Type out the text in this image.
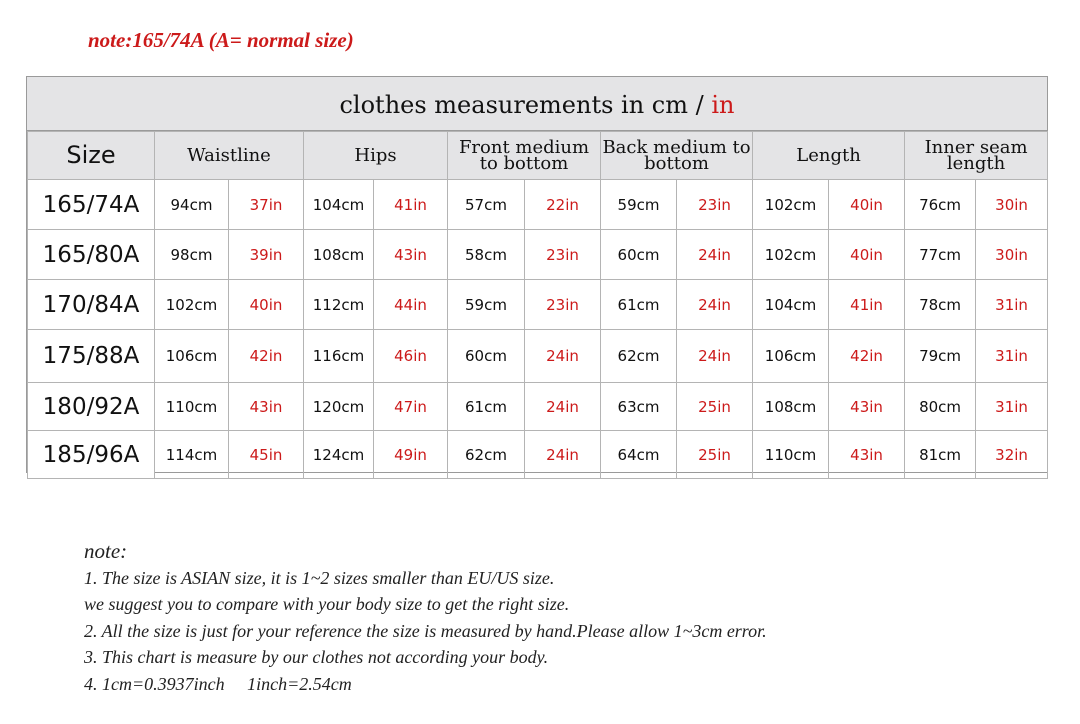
note:165/74A (A= normal size)
clothes measurements in cm / in
Size	Waistline		Hips		Front medium to bottom		Back medium to bottom		Length		Inner seam length	
165/74A	94cm	37in	104cm	41in	57cm	22in	59cm	23in	102cm	40in	76cm	30in
165/80A	98cm	39in	108cm	43in	58cm	23in	60cm	24in	102cm	40in	77cm	30in
170/84A	102cm	40in	112cm	44in	59cm	23in	61cm	24in	104cm	41in	78cm	31in
175/88A	106cm	42in	116cm	46in	60cm	24in	62cm	24in	106cm	42in	79cm	31in
180/92A	110cm	43in	120cm	47in	61cm	24in	63cm	25in	108cm	43in	80cm	31in
185/96A	114cm	45in	124cm	49in	62cm	24in	64cm	25in	110cm	43in	81cm	32in
note:
1. The size is ASIAN size, it is 1~2 sizes smaller than EU/US size.
we suggest you to compare with your body size to get the right size.
2. All the size is just for your reference the size is measured by hand.Please allow 1~3cm error.
3. This chart is measure by our clothes not according your body.
4. 1cm=0.3937inch     1inch=2.54cm
